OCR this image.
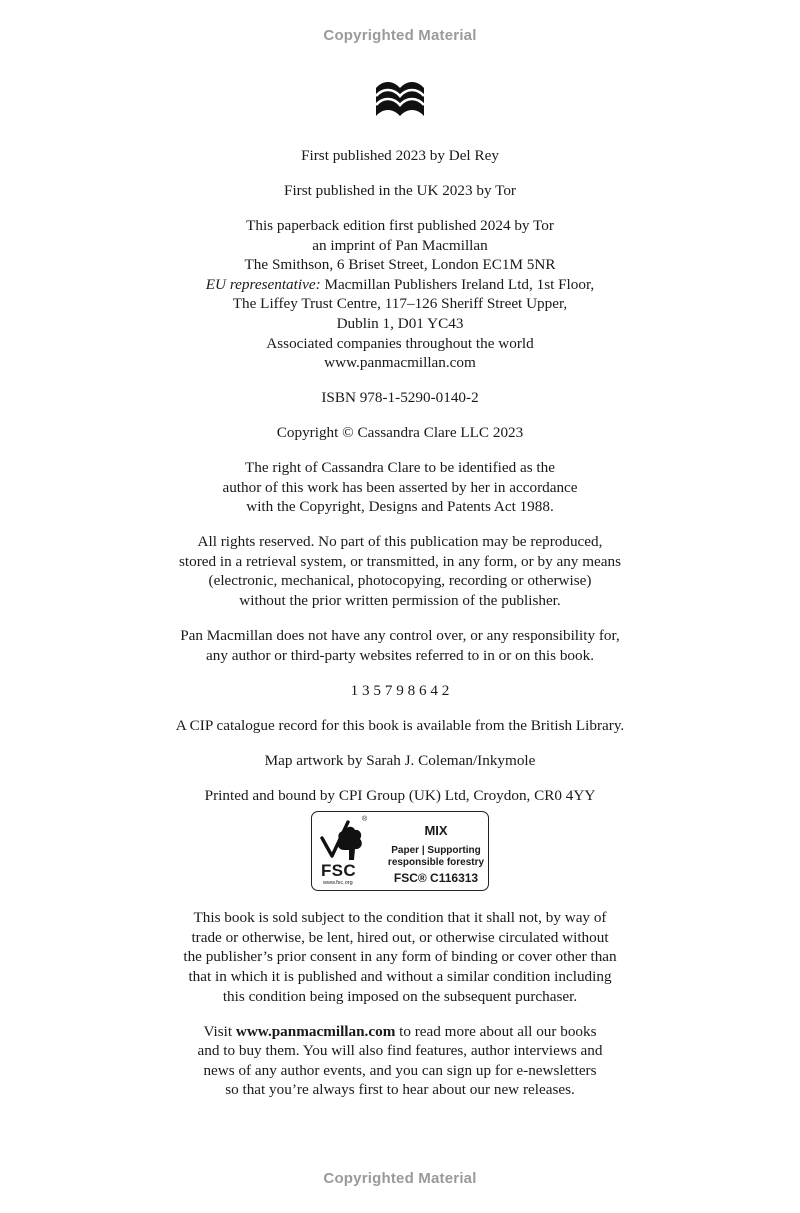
Copyrighted Material

First published 2023 by Del Rey

First published in the UK 2023 by Tor

This paperback edition first published 2024 by Tor
an imprint of Pan Macmillan
The Smithson, 6 Briset Street, London EC1M 5NR
EU representative: Macmillan Publishers Ireland Ltd, 1st Floor,
The Liffey Trust Centre, 117–126 Sheriff Street Upper,
Dublin 1, D01 YC43
Associated companies throughout the world
www.panmacmillan.com

ISBN 978-1-5290-0140-2

Copyright © Cassandra Clare LLC 2023

The right of Cassandra Clare to be identified as the
author of this work has been asserted by her in accordance
with the Copyright, Designs and Patents Act 1988.

All rights reserved. No part of this publication may be reproduced,
stored in a retrieval system, or transmitted, in any form, or by any means
(electronic, mechanical, photocopying, recording or otherwise)
without the prior written permission of the publisher.

Pan Macmillan does not have any control over, or any responsibility for,
any author or third-party websites referred to in or on this book.

1 3 5 7 9 8 6 4 2

A CIP catalogue record for this book is available from the British Library.

Map artwork by Sarah J. Coleman/Inkymole

Printed and bound by CPI Group (UK) Ltd, Croydon, CR0 4YY

®
FSC
www.fsc.org
MIX
Paper | Supporting
responsible forestry
FSC® C116313

This book is sold subject to the condition that it shall not, by way of
trade or otherwise, be lent, hired out, or otherwise circulated without
the publisher’s prior consent in any form of binding or cover other than
that in which it is published and without a similar condition including
this condition being imposed on the subsequent purchaser.

Visit www.panmacmillan.com to read more about all our books
and to buy them. You will also find features, author interviews and
news of any author events, and you can sign up for e-newsletters
so that you’re always first to hear about our new releases.

Copyrighted Material
